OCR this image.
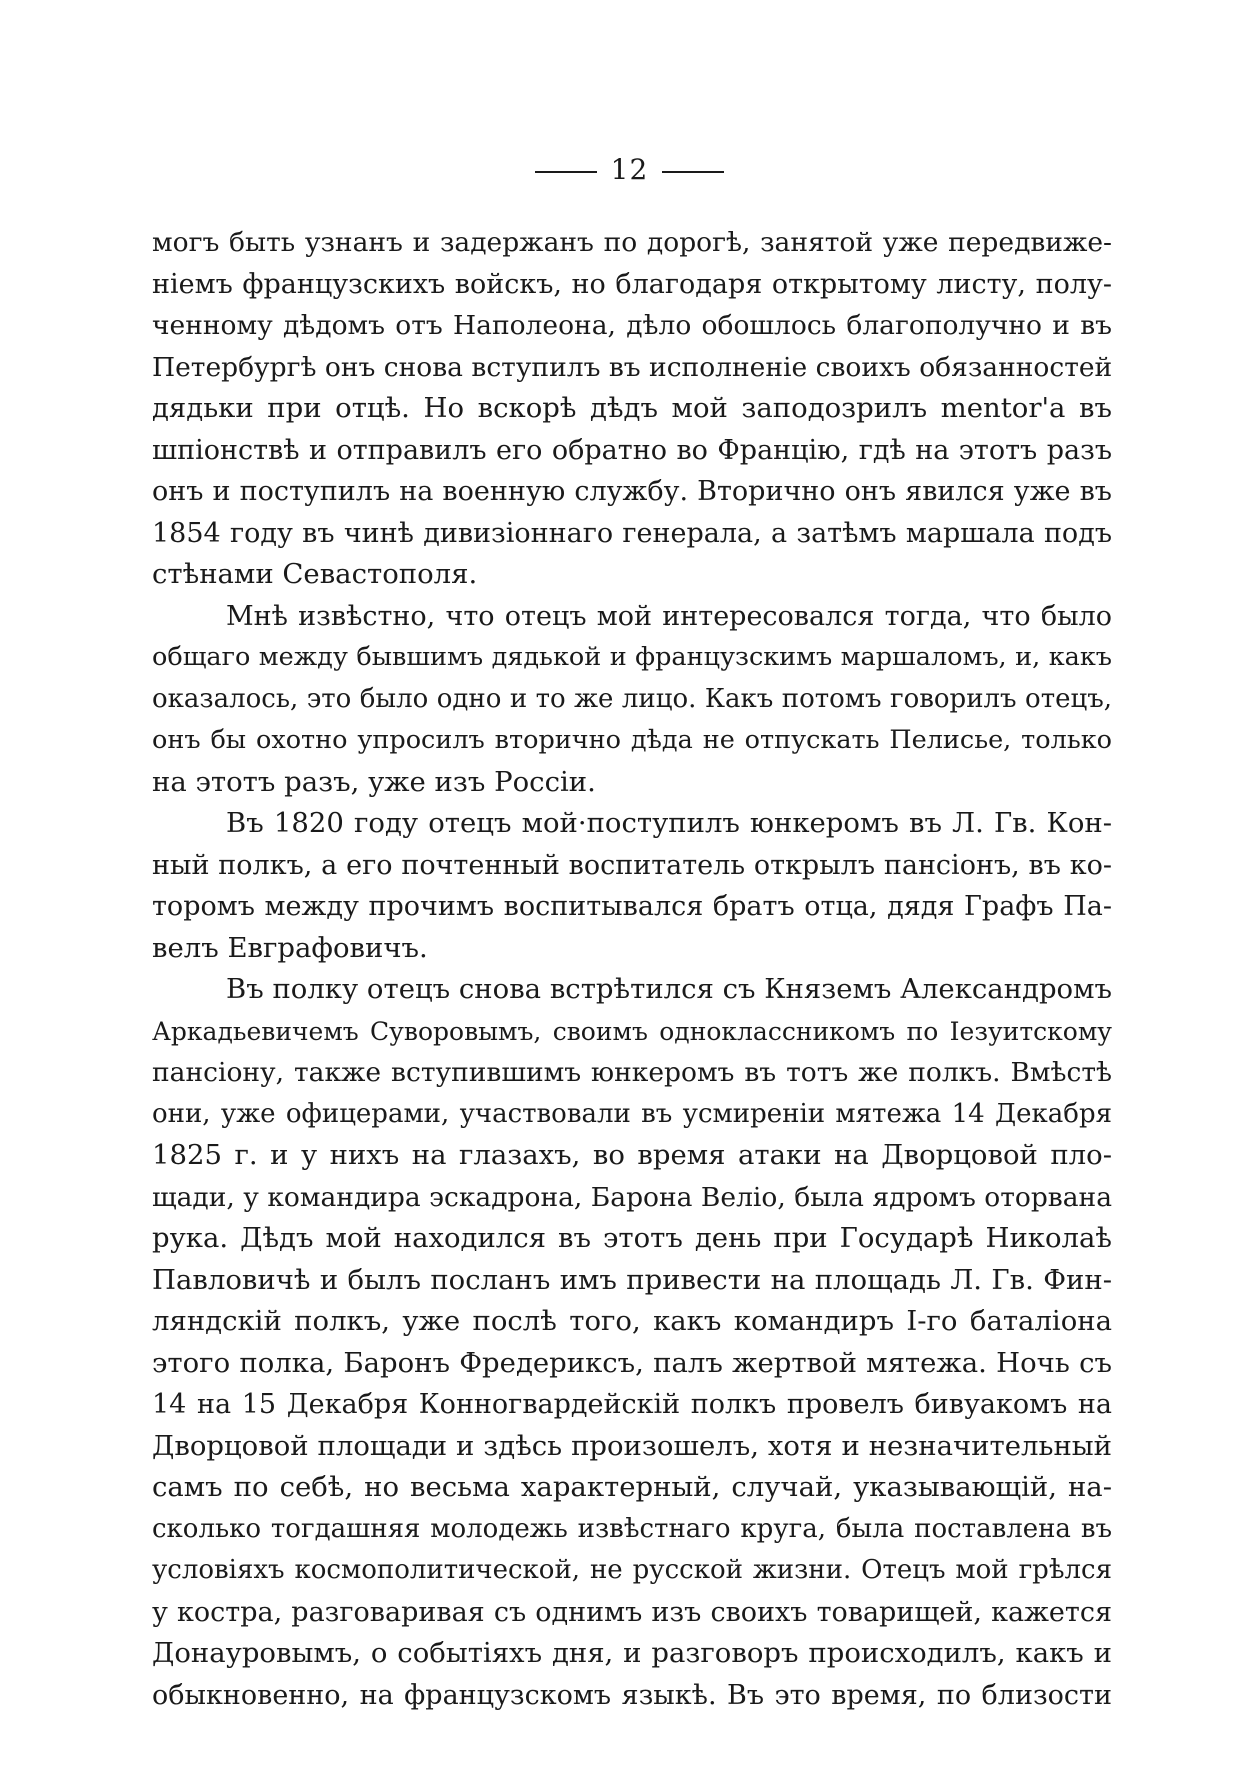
12
могъ быть узнанъ и задержанъ по дорогѣ, занятой уже передвиже-
ніемъ французскихъ войскъ, но благодаря открытому листу, полу-
ченному дѣдомъ отъ Наполеона, дѣло обошлось благополучно и въ
Петербургѣ онъ снова вступилъ въ исполненіе своихъ обязанностей
дядьки при отцѣ. Но вскорѣ дѣдъ мой заподозрилъ mentor'a въ
шпіонствѣ и отправилъ его обратно во Францію, гдѣ на этотъ разъ
онъ и поступилъ на военную службу. Вторично онъ явился уже въ
1854 году въ чинѣ дивизіоннаго генерала, а затѣмъ маршала подъ
стѣнами Севастополя.
Мнѣ извѣстно, что отецъ мой интересовался тогда, что было
общаго между бывшимъ дядькой и французскимъ маршаломъ, и, какъ
оказалось, это было одно и то же лицо. Какъ потомъ говорилъ отецъ,
онъ бы охотно упросилъ вторично дѣда не отпускать Пелисье, только
на этотъ разъ, уже изъ Россіи.
Въ 1820 году отецъ мой·поступилъ юнкеромъ въ Л. Гв. Кон-
ный полкъ, а его почтенный воспитатель открылъ пансіонъ, въ ко-
торомъ между прочимъ воспитывался братъ отца, дядя Графъ Па-
велъ Евграфовичъ.
Въ полку отецъ снова встрѣтился съ Княземъ Александромъ
Аркадьевичемъ Суворовымъ, своимъ одноклассникомъ по Iезуитскому
пансіону, также вступившимъ юнкеромъ въ тотъ же полкъ. Вмѣстѣ
они, уже офицерами, участвовали въ усмиреніи мятежа 14 Декабря
1825 г. и у нихъ на глазахъ, во время атаки на Дворцовой пло-
щади, у командира эскадрона, Барона Веліо, была ядромъ оторвана
рука. Дѣдъ мой находился въ этотъ день при Государѣ Николаѣ
Павловичѣ и былъ посланъ имъ привести на площадь Л. Гв. Фин-
ляндскій полкъ, уже послѣ того, какъ командиръ I-го баталіона
этого полка, Баронъ Фредериксъ, палъ жертвой мятежа. Ночь съ
14 на 15 Декабря Конногвардейскій полкъ провелъ бивуакомъ на
Дворцовой площади и здѣсь произошелъ, хотя и незначительный
самъ по себѣ, но весьма характерный, случай, указывающій, на-
сколько тогдашняя молодежь извѣстнаго круга, была поставлена въ
условіяхъ космополитической, не русской жизни. Отецъ мой грѣлся
у костра, разговаривая съ однимъ изъ своихъ товарищей, кажется
Донауровымъ, о событіяхъ дня, и разговоръ происходилъ, какъ и
обыкновенно, на французскомъ языкѣ. Въ это время, по близости
